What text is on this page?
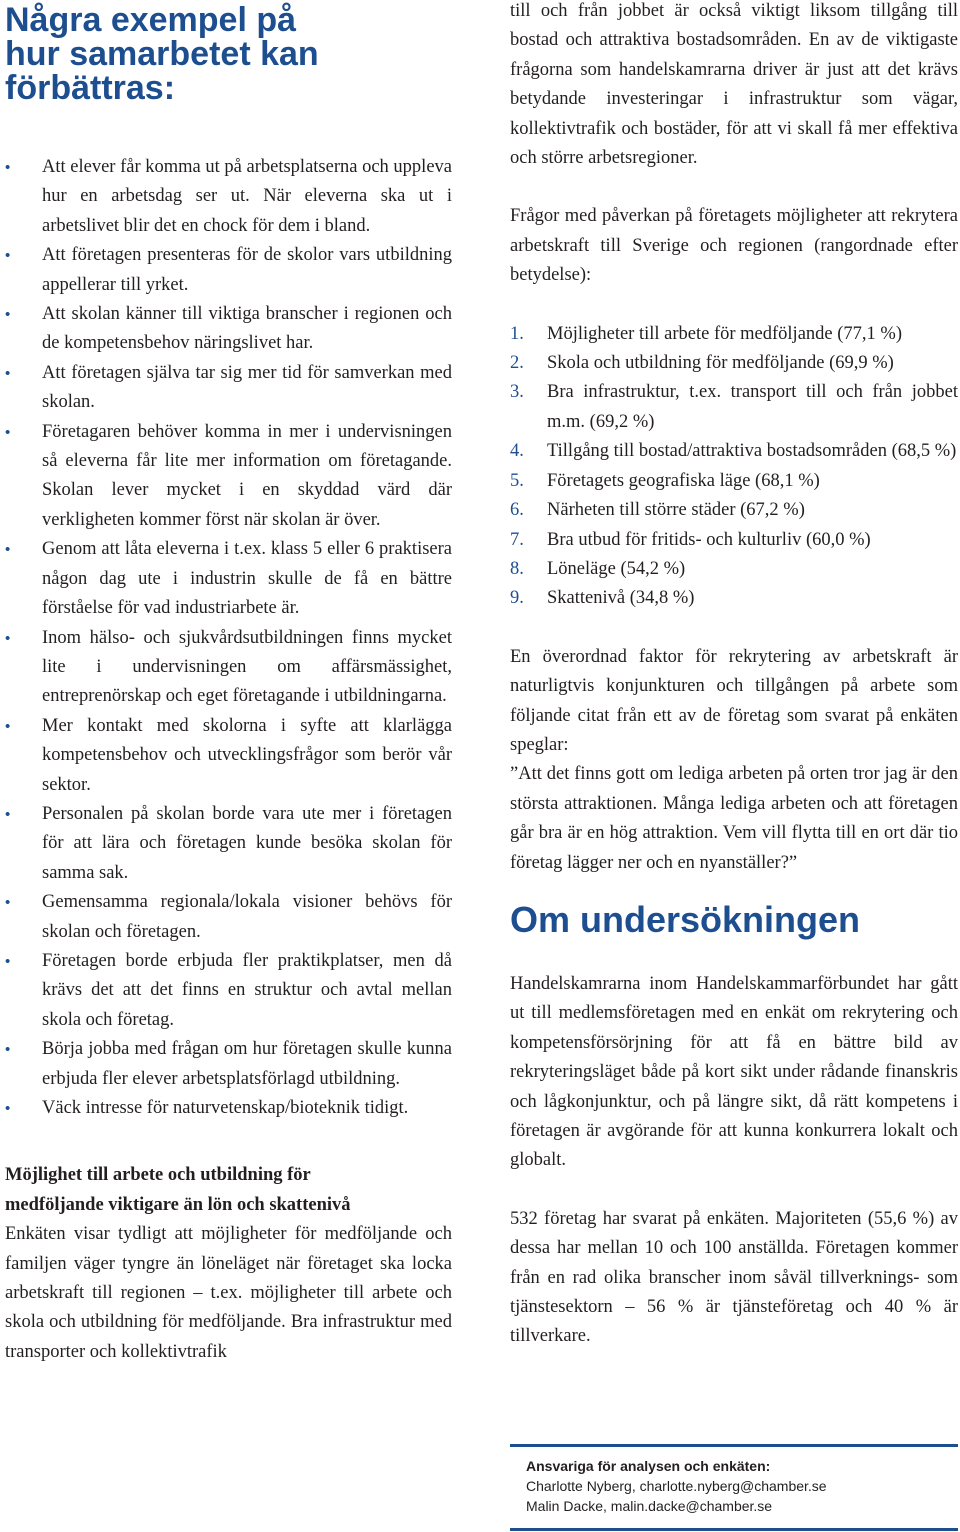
Några exempel på
hur samarbetet kan
förbättras:
• Att elever får komma ut på arbetsplatserna och uppleva hur en arbetsdag ser ut. När eleverna ska ut i arbetslivet blir det en chock för dem i bland.
• Att företagen presenteras för de skolor vars utbildning appellerar till yrket.
• Att skolan känner till viktiga branscher i regionen och de kompetensbehov näringslivet har.
• Att företagen själva tar sig mer tid för samverkan med skolan.
• Företagaren behöver komma in mer i undervisningen så eleverna får lite mer information om företagande. Skolan lever mycket i en skyddad värd där verkligheten kommer först när skolan är över.
• Genom att låta eleverna i t.ex. klass 5 eller 6 praktisera någon dag ute i industrin skulle de få en bättre förståelse för vad industriarbete är.
• Inom hälso- och sjukvårdsutbildningen finns mycket lite i undervisningen om affärsmässighet, entreprenörskap och eget företagande i utbildningarna.
• Mer kontakt med skolorna i syfte att klarlägga kompetensbehov och utvecklingsfrågor som berör vår sektor.
• Personalen på skolan borde vara ute mer i företagen för att lära och företagen kunde besöka skolan för samma sak.
• Gemensamma regionala/lokala visioner behövs för skolan och företagen.
• Företagen borde erbjuda fler praktikplatser, men då krävs det att det finns en struktur och avtal mellan skola och företag.
• Börja jobba med frågan om hur företagen skulle kunna erbjuda fler elever arbetsplatsförlagd utbildning.
• Väck intresse för naturvetenskap/bioteknik tidigt.

Möjlighet till arbete och utbildning för
medföljande viktigare än lön och skattenivå

Enkäten visar tydligt att möjligheter för medföljande och familjen väger tyngre än löneläget när företaget ska locka arbetskraft till regionen – t.ex. möjligheter till arbete och skola och utbildning för medföljande. Bra infrastruktur med transporter och kollektivtrafik

till och från jobbet är också viktigt liksom tillgång till bostad och attraktiva bostadsområden. En av de viktigaste frågorna som handelskamrarna driver är just att det krävs betydande investeringar i infrastruktur som vägar, kollektivtrafik och bostäder, för att vi skall få mer effektiva och större arbetsregioner.

Frågor med påverkan på företagets möjligheter att rekrytera arbetskraft till Sverige och regionen (rangordnade efter betydelse):

1. Möjligheter till arbete för medföljande (77,1 %)
2. Skola och utbildning för medföljande (69,9 %)
3. Bra infrastruktur, t.ex. transport till och från jobbet m.m. (69,2 %)
4. Tillgång till bostad/attraktiva bostadsområden (68,5 %)
5. Företagets geografiska läge (68,1 %)
6. Närheten till större städer (67,2 %)
7. Bra utbud för fritids- och kulturliv (60,0 %)
8. Löneläge (54,2 %)
9. Skattenivå (34,8 %)

En överordnad faktor för rekrytering av arbetskraft är naturligtvis konjunkturen och tillgången på arbete som följande citat från ett av de företag som svarat på enkäten speglar:

”Att det finns gott om lediga arbeten på orten tror jag är den största attraktionen. Många lediga arbeten och att företagen går bra är en hög attraktion. Vem vill flytta till en ort där tio företag lägger ner och en nyanställer?”

Om undersökningen

Handelskamrarna inom Handelskammarförbundet har gått ut till medlemsföretagen med en enkät om rekrytering och kompetensförsörjning för att få en bättre bild av rekryteringsläget både på kort sikt under rådande finanskris och lågkonjunktur, och på längre sikt, då rätt kompetens i företagen är avgörande för att kunna konkurrera lokalt och globalt.

532 företag har svarat på enkäten. Majoriteten (55,6 %) av dessa har mellan 10 och 100 anställda. Företagen kommer från en rad olika branscher inom såväl tillverknings- som tjänstesektorn – 56 % är tjänsteföretag och 40 % är tillverkare.

Ansvariga för analysen och enkäten:
Charlotte Nyberg, charlotte.nyberg@chamber.se
Malin Dacke, malin.dacke@chamber.se
